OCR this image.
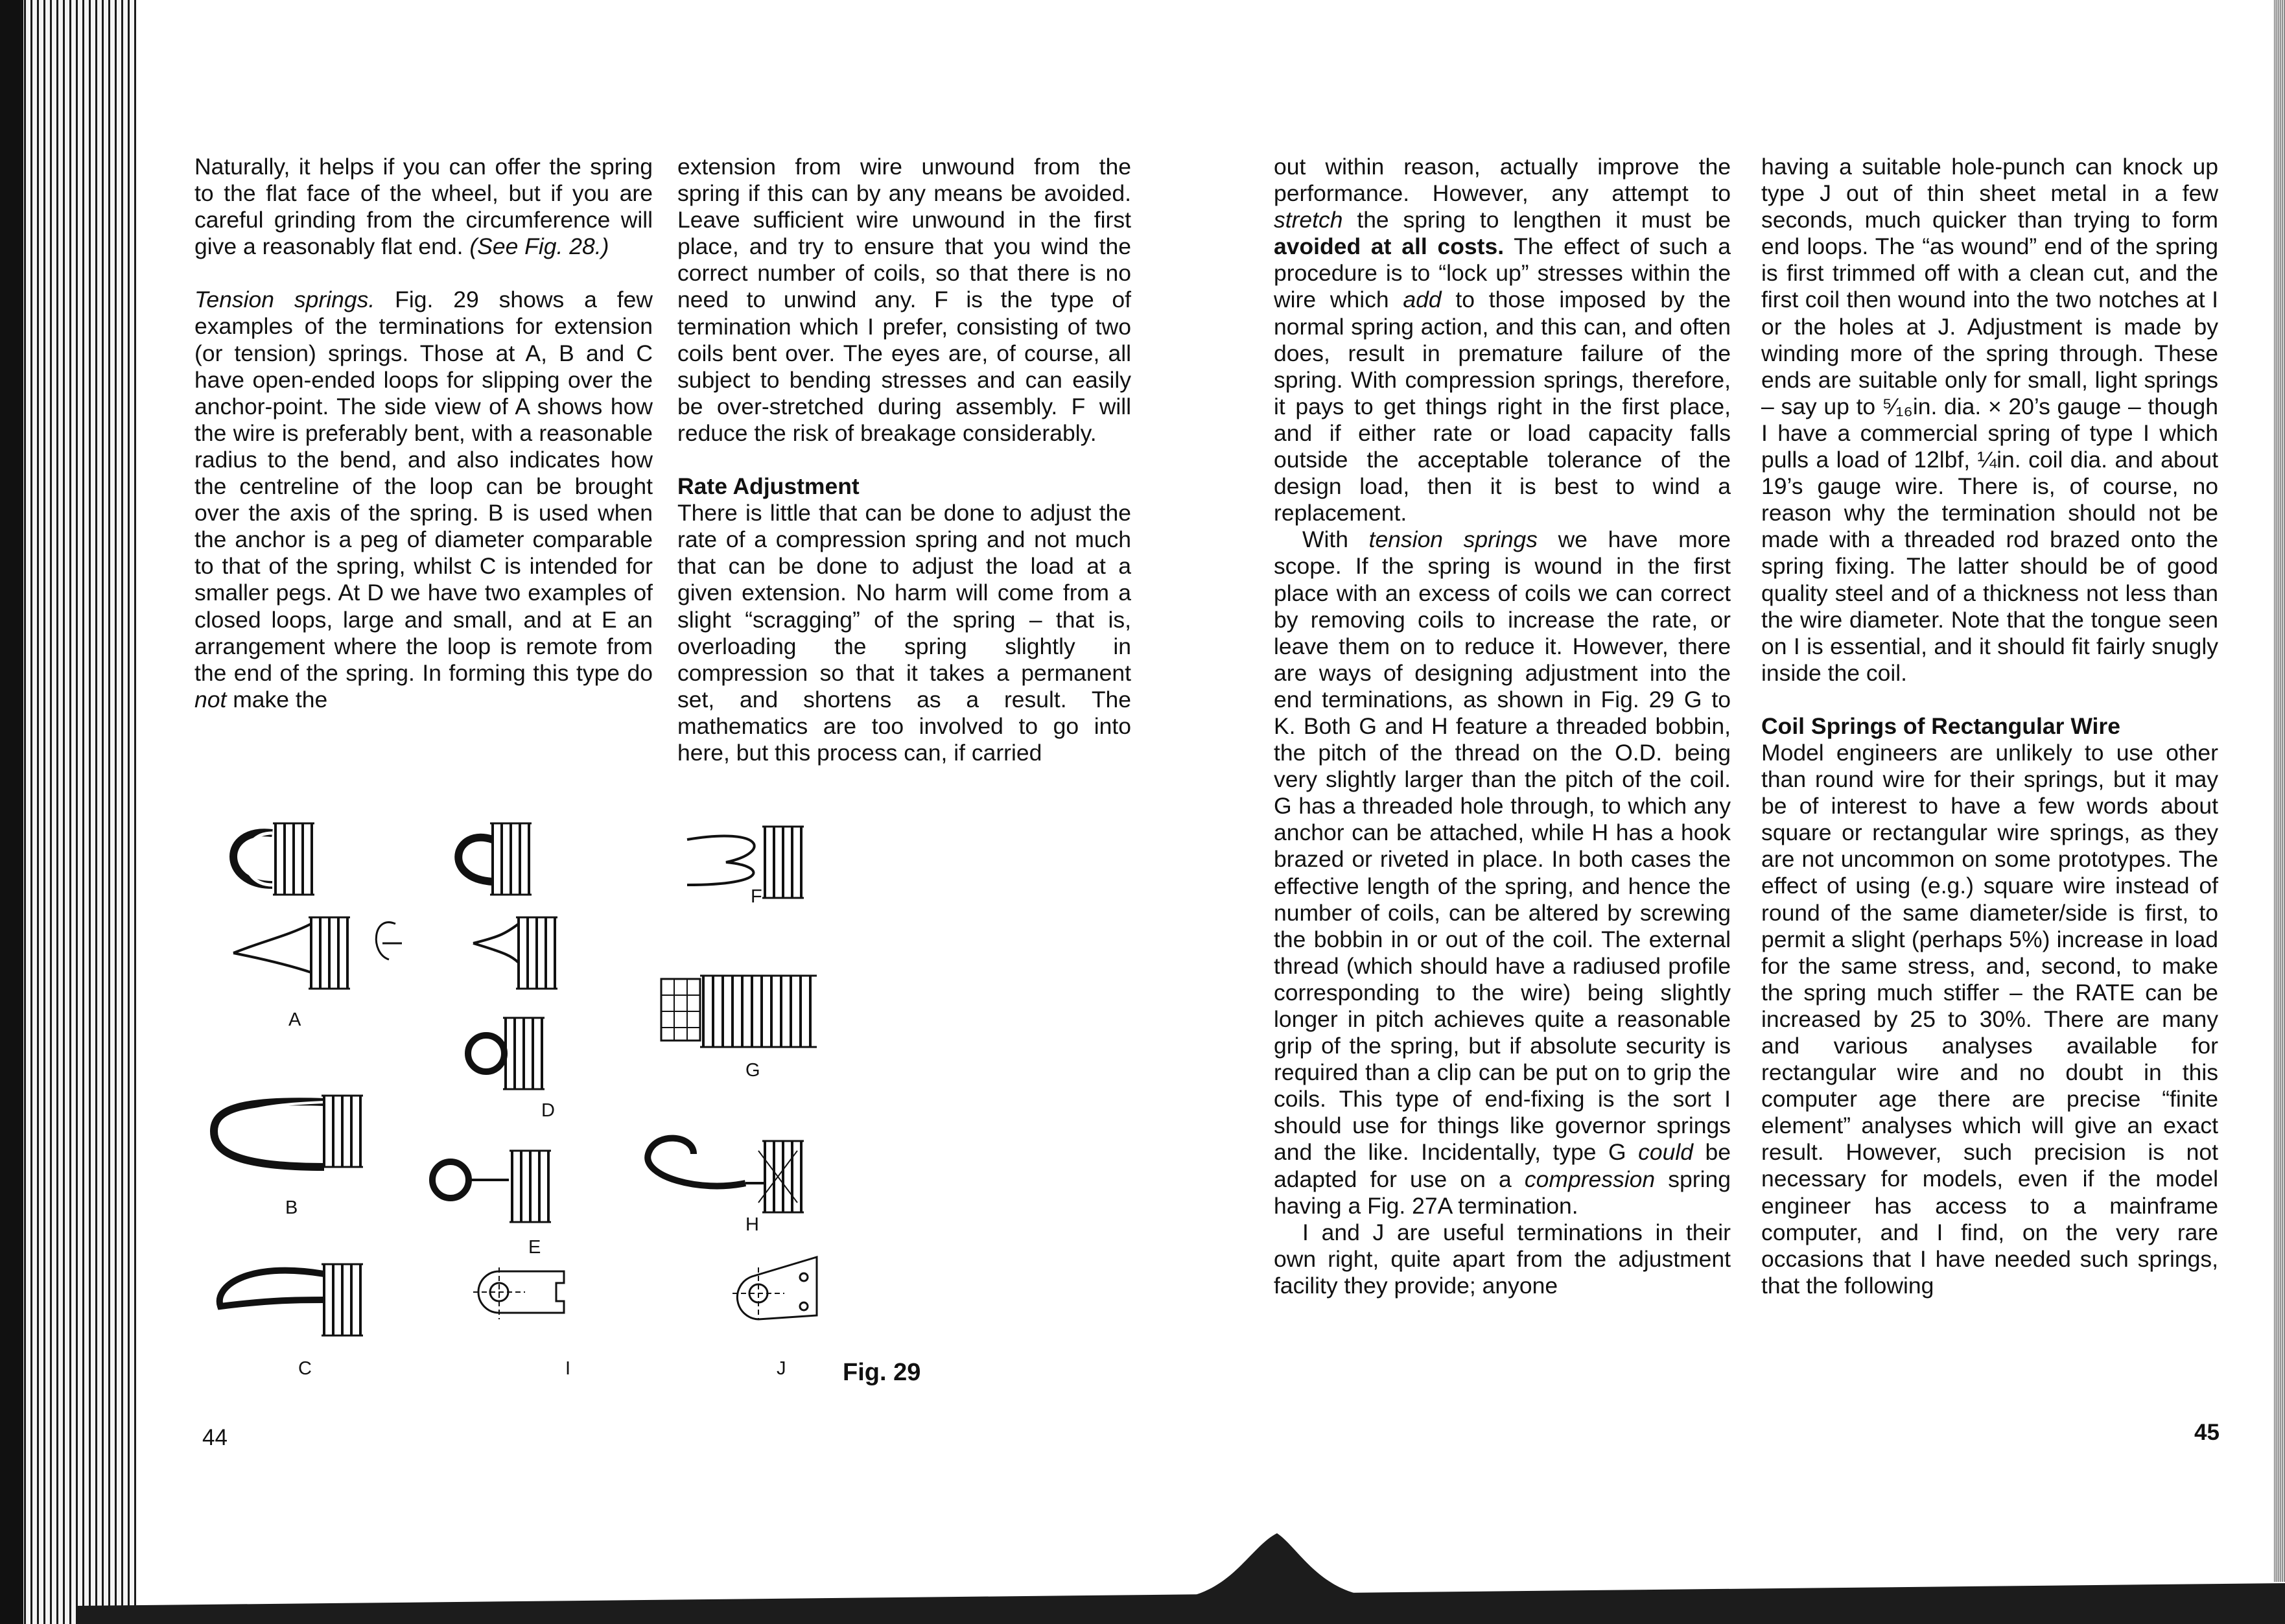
Naturally, it helps if you can offer the spring to the flat face of the wheel, but if you are careful grinding from the circumference will give a reasonably flat end. (See Fig. 28.)

Tension springs. Fig. 29 shows a few examples of the terminations for extension (or tension) springs. Those at A, B and C have open-ended loops for slipping over the anchor-point. The side view of A shows how the wire is preferably bent, with a reasonable radius to the bend, and also indicates how the centreline of the loop can be brought over the axis of the spring. B is used when the anchor is a peg of diameter comparable to that of the spring, whilst C is intended for smaller pegs. At D we have two examples of closed loops, large and small, and at E an arrangement where the loop is remote from the end of the spring. In forming this type do not make the

extension from wire unwound from the spring if this can by any means be avoided. Leave sufficient wire unwound in the first place, and try to ensure that you wind the correct number of coils, so that there is no need to unwind any. F is the type of termination which I prefer, consisting of two coils bent over. The eyes are, of course, all subject to bending stresses and can easily be over-stretched during assembly. F will reduce the risk of breakage considerably.

Rate Adjustment

There is little that can be done to adjust the rate of a compression spring and not much that can be done to adjust the load at a given extension. No harm will come from a slight “scragging” of the spring – that is, overloading the spring slightly in compression so that it takes a permanent set, and shortens as a result. The mathematics are too involved to go into here, but this process can, if carried

A
B
C
D
E
F
G
H
I	J Fig. 29
44

out within reason, actually improve the performance. However, any attempt to stretch the spring to lengthen it must be avoided at all costs. The effect of such a procedure is to “lock up” stresses within the wire which add to those imposed by the normal spring action, and this can, and often does, result in premature failure of the spring. With compression springs, therefore, it pays to get things right in the first place, and if either rate or load capacity falls outside the acceptable tolerance of the design load, then it is best to wind a replacement.

With tension springs we have more scope. If the spring is wound in the first place with an excess of coils we can correct by removing coils to increase the rate, or leave them on to reduce it. However, there are ways of designing adjustment into the end terminations, as shown in Fig. 29 G to K. Both G and H feature a threaded bobbin, the pitch of the thread on the O.D. being very slightly larger than the pitch of the coil. G has a threaded hole through, to which any anchor can be attached, while H has a hook brazed or riveted in place. In both cases the effective length of the spring, and hence the number of coils, can be altered by screwing the bobbin in or out of the coil. The external thread (which should have a radiused profile corresponding to the wire) being slightly longer in pitch achieves quite a reasonable grip of the spring, but if absolute security is required than a clip can be put on to grip the coils. This type of end-fixing is the sort I should use for things like governor springs and the like. Incidentally, type G could be adapted for use on a compression spring having a Fig. 27A termination.

I and J are useful terminations in their own right, quite apart from the adjustment facility they provide; anyone

having a suitable hole-punch can knock up type J out of thin sheet metal in a few seconds, much quicker than trying to form end loops. The “as wound” end of the spring is first trimmed off with a clean cut, and the first coil then wound into the two notches at I or the holes at J. Adjustment is made by winding more of the spring through. These ends are suitable only for small, light springs – say up to ⁵⁄₁₆in. dia. × 20’s gauge – though I have a commercial spring of type I which pulls a load of 12lbf, ¼in. coil dia. and about 19’s gauge wire. There is, of course, no reason why the termination should not be made with a threaded rod brazed onto the spring fixing. The latter should be of good quality steel and of a thickness not less than the wire diameter. Note that the tongue seen on I is essential, and it should fit fairly snugly inside the coil.

Coil Springs of Rectangular Wire

Model engineers are unlikely to use other than round wire for their springs, but it may be of interest to have a few words about square or rectangular wire springs, as they are not uncommon on some prototypes. The effect of using (e.g.) square wire instead of round of the same diameter/side is first, to permit a slight (perhaps 5%) increase in load for the same stress, and, second, to make the spring much stiffer – the RATE can be increased by 25 to 30%. There are many and various analyses available for rectangular wire and no doubt in this computer age there are precise “finite element” analyses which will give an exact result. However, such precision is not necessary for models, even if the model engineer has access to a mainframe computer, and I find, on the very rare occasions that I have needed such springs, that the following

45
